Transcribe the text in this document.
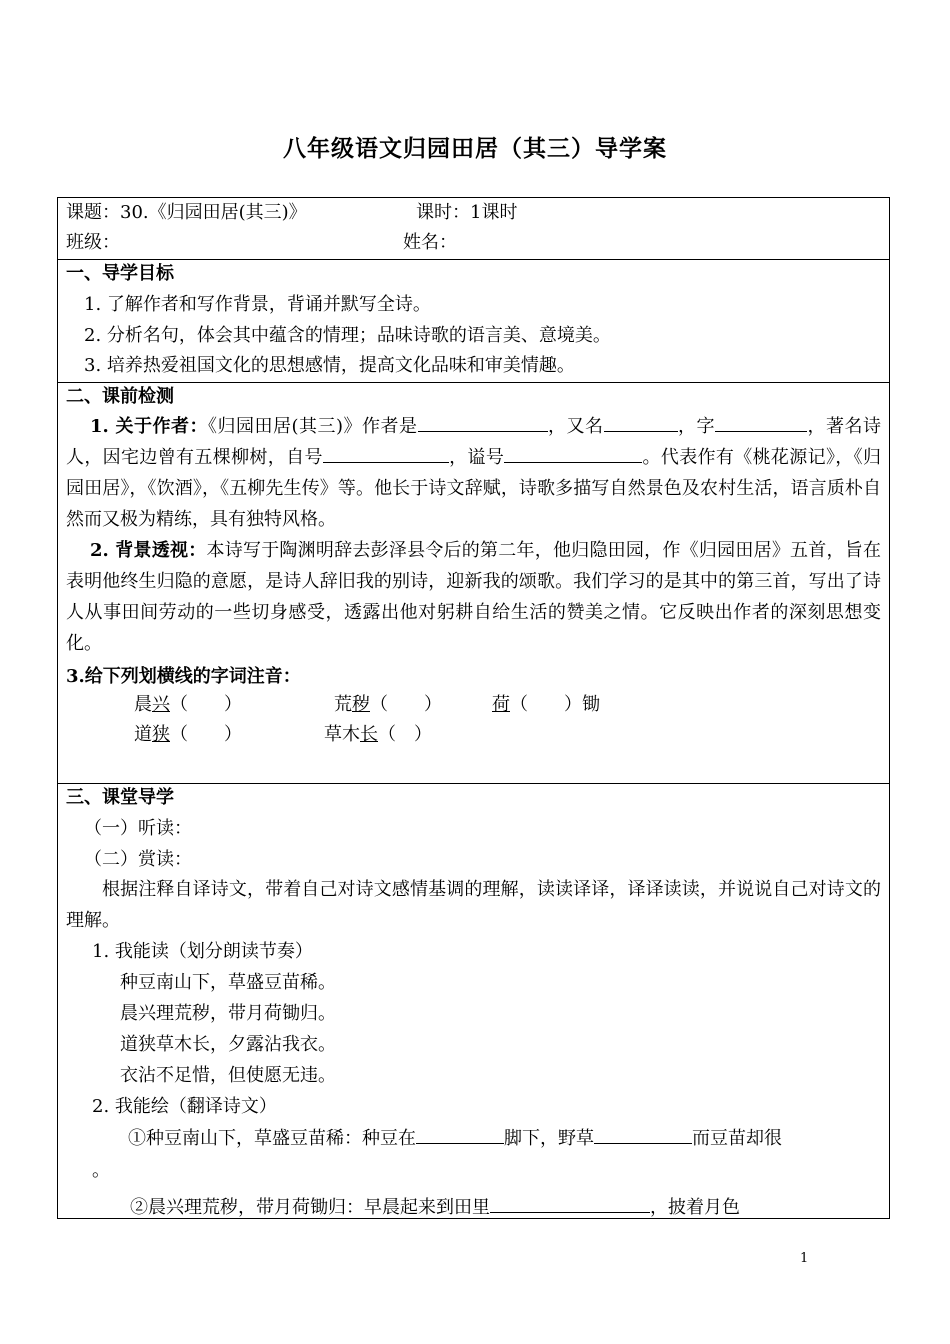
八年级语文归园田居（其三）导学案
课题：30.《归园田居(其三)》	课时：1课时
班级：	姓名：
一、导学目标
1. 了解作者和写作背景，背诵并默写全诗。
2. 分析名句，体会其中蕴含的情理；品味诗歌的语言美、意境美。
3. 培养热爱祖国文化的思想感情，提高文化品味和审美情趣。
二、课前检测
1. 关于作者：《归园田居(其三)》作者是	，又名	，字	，著名诗人，因宅边曾有五棵柳树，自号	，谥号	。代表作有《桃花源记》，《归园田居》，《饮酒》，《五柳先生传》等。他长于诗文辞赋，诗歌多描写自然景色及农村生活，语言质朴自然而又极为精练，具有独特风格。
2. 背景透视：本诗写于陶渊明辞去彭泽县令后的第二年，他归隐田园，作《归园田居》五首，旨在表明他终生归隐的意愿，是诗人辞旧我的别诗，迎新我的颂歌。我们学习的是其中的第三首，写出了诗人从事田间劳动的一些切身感受，透露出他对躬耕自给生活的赞美之情。它反映出作者的深刻思想变化。
3.给下列划横线的字词注音：
晨兴（　　）	荒秽（　　）	荷（　　）锄
道狭（　　）	草木长（　）
三、课堂导学
（一）听读：
（二）赏读：
根据注释自译诗文，带着自己对诗文感情基调的理解，读读译译，译译读读，并说说自己对诗文的理解。
1. 我能读（划分朗读节奏）
种豆南山下，草盛豆苗稀。
晨兴理荒秽，带月荷锄归。
道狭草木长，夕露沾我衣。
衣沾不足惜，但使愿无违。
2. 我能绘（翻译诗文）
①种豆南山下，草盛豆苗稀：种豆在	脚下，野草	而豆苗却很
。
②晨兴理荒秽，带月荷锄归：早晨起来到田里	，披着月色
1
